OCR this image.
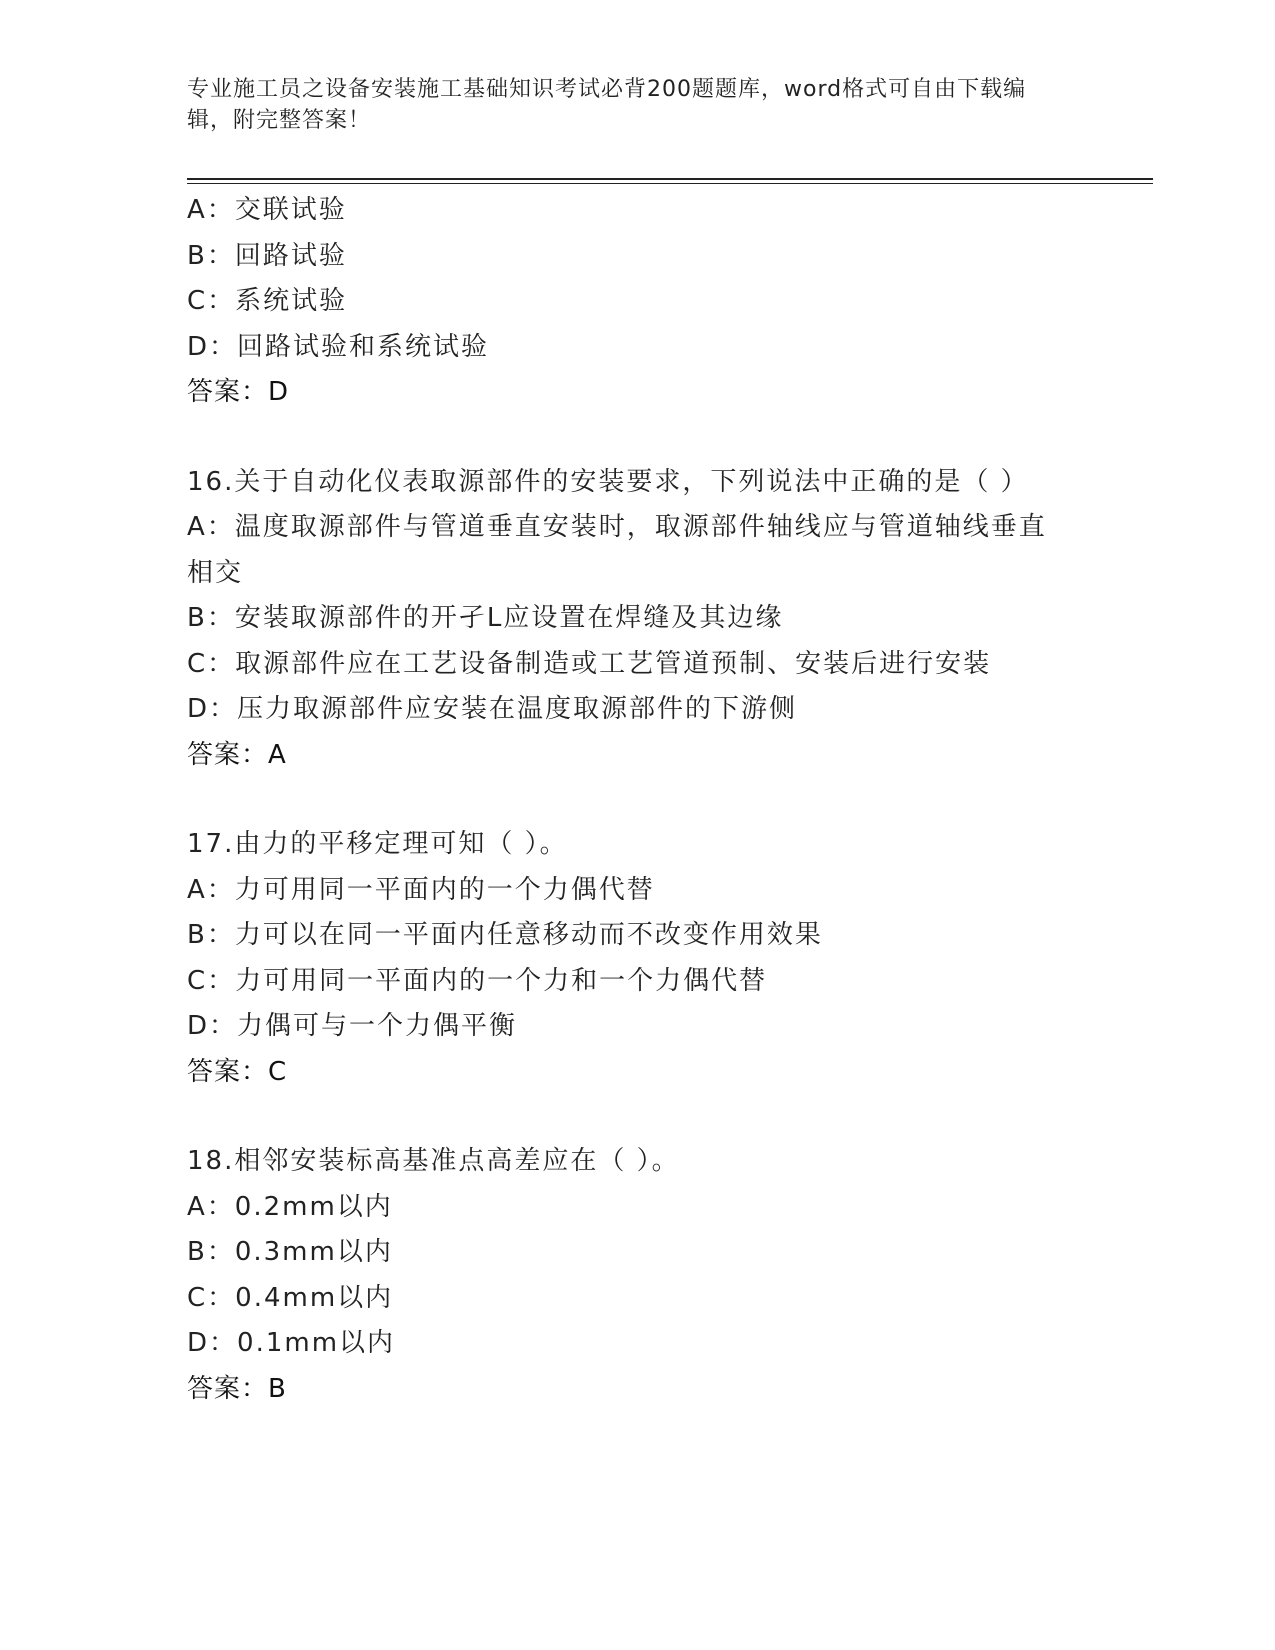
专业施工员之设备安装施工基础知识考试必背200题题库，word格式可自由下载编辑，附完整答案！
A：交联试验
B：回路试验
C：系统试验
D：回路试验和系统试验
答案：D
16.关于自动化仪表取源部件的安装要求，下列说法中正确的是（ ）
A：温度取源部件与管道垂直安装时，取源部件轴线应与管道轴线垂直相交
B：安装取源部件的开孑L应设置在焊缝及其边缘
C：取源部件应在工艺设备制造或工艺管道预制、安装后进行安装
D：压力取源部件应安装在温度取源部件的下游侧
答案：A
17.由力的平移定理可知（ ）。
A：力可用同一平面内的一个力偶代替
B：力可以在同一平面内任意移动而不改变作用效果
C：力可用同一平面内的一个力和一个力偶代替
D：力偶可与一个力偶平衡
答案：C
18.相邻安装标高基准点高差应在（ ）。
A：0.2mm以内
B：0.3mm以内
C：0.4mm以内
D：0.1mm以内
答案：B
